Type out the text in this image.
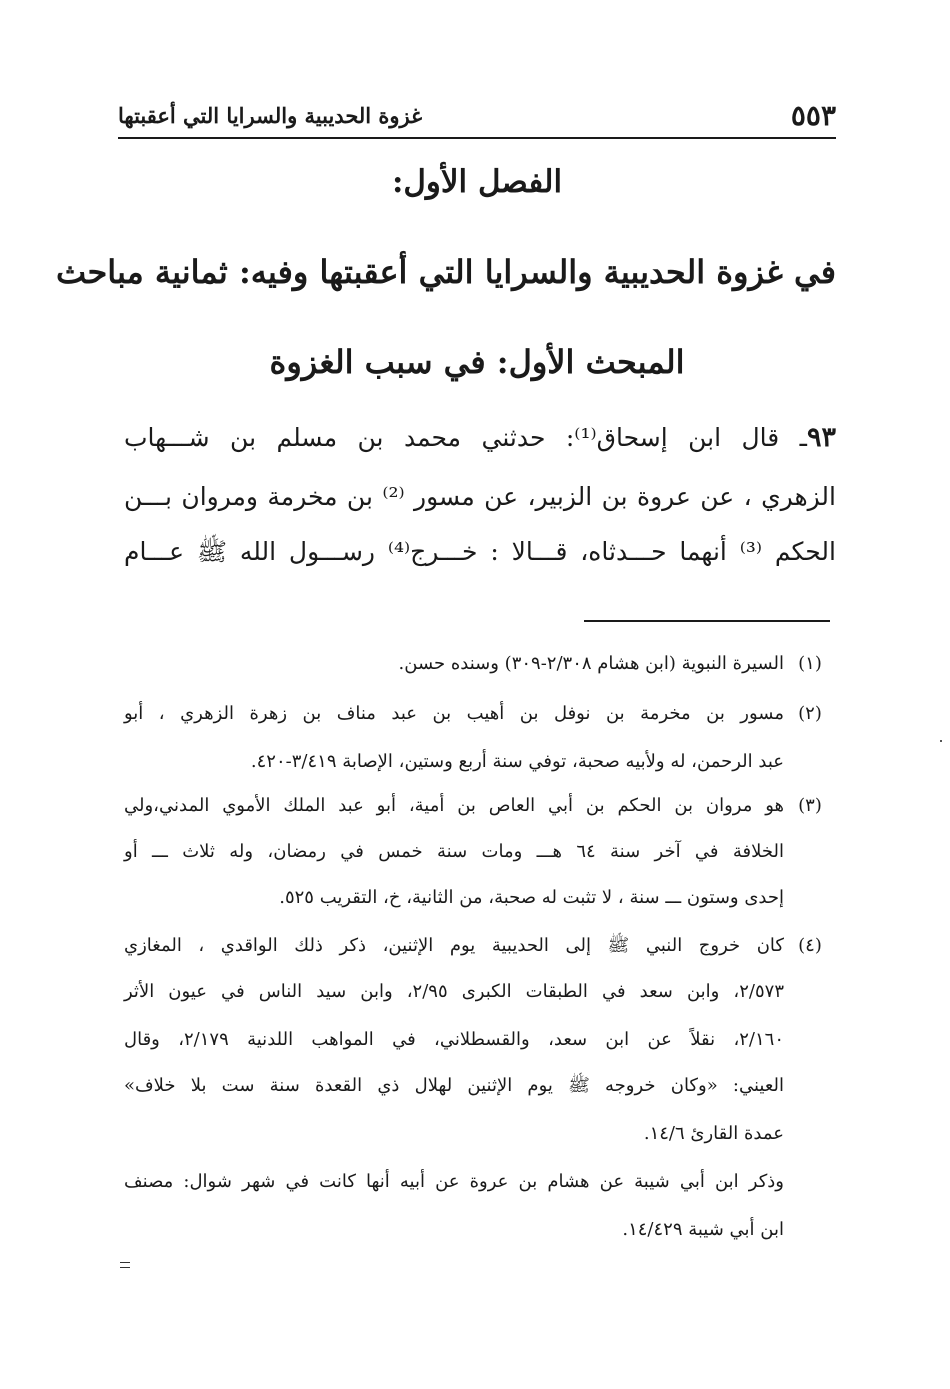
٥٥٣
غزوة الحديبية والسرايا التي أعقبتها
الفصل الأول:
في غزوة الحديبية والسرايا التي أعقبتها وفيه: ثمانية مباحث
المبحث الأول: في سبب الغزوة
٩٣ـ قال ابن إسحاق⁽¹⁾: حدثني محمد بن مسلم بن شـــهاب
الزهري ، عن عروة بن الزبير، عن مسور ⁽²⁾ بن مخرمة ومروان بـــن
الحكم ⁽³⁾ أنهما حـــدثاه، قـــالا : خـــرج⁽⁴⁾ رســـول الله ﷺ عـــام
(١)
السيرة النبوية (ابن هشام ٢/٣٠٨-٣٠٩) وسنده حسن.
(٢)
مسور بن مخرمة بن نوفل بن أهيب بن عبد مناف بن زهرة الزهري ، أبو
عبد الرحمن، له ولأبيه صحبة، توفي سنة أربع وستين، الإصابة ٣/٤١٩-٤٢٠.
(٣)
هو مروان بن الحكم بن أبي العاص بن أمية، أبو عبد الملك الأموي المدني،ولي
الخلافة في آخر سنة ٦٤ هـــ ومات سنة خمس في رمضان، وله ثلاث ـــ أو
إحدى وستون ـــ سنة ، لا تثبت له صحبة، من الثانية، خ، التقريب ٥٢٥.
(٤)
كان خروج النبي ﷺ إلى الحديبية يوم الإثنين، ذكر ذلك الواقدي ، المغازي
٢/٥٧٣، وابن سعد في الطبقات الكبرى ٢/٩٥، وابن سيد الناس في عيون الأثر
٢/١٦٠، نقلاً عن ابن سعد، والقسطلاني، في المواهب اللدنية ٢/١٧٩، وقال
العيني: «وكان خروجه ﷺ يوم الإثنين لهلال ذي القعدة سنة ست بلا خلاف»
عمدة القارئ ١٤/٦.
وذكر ابن أبي شيبة عن هشام بن عروة عن أبيه أنها كانت في شهر شوال: مصنف
ابن أبي شيبة ١٤/٤٢٩.
